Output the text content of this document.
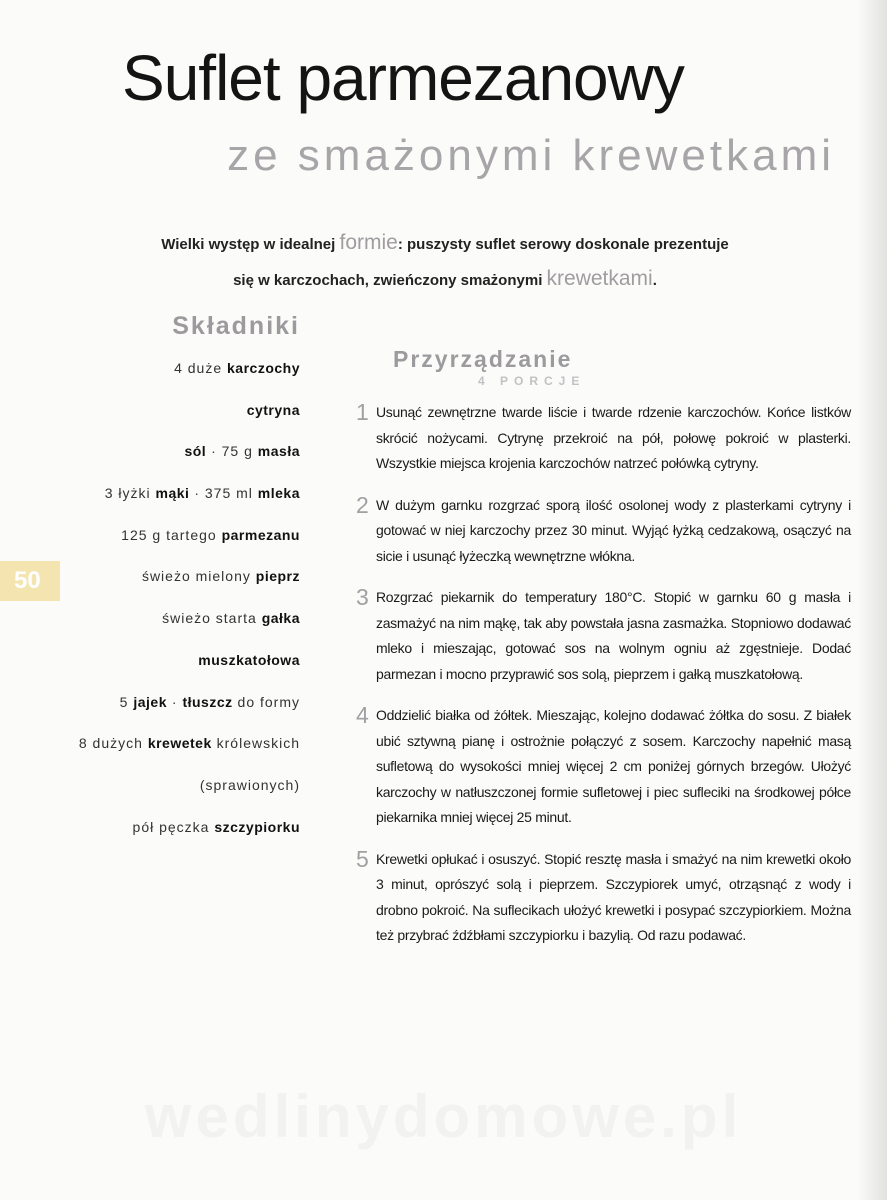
Suflet parmezanowy
ze smażonymi krewetkami
Wielki występ w idealnej formie: puszysty suflet serowy doskonale prezentuje
się w karczochach, zwieńczony smażonymi krewetkami.
Składniki
4 duże karczochy
cytryna
sól · 75 g masła
3 łyżki mąki · 375 ml mleka
125 g tartego parmezanu
świeżo mielony pieprz
świeżo starta gałka
muszkatołowa
5 jajek · tłuszcz do formy
8 dużych krewetek królewskich
(sprawionych)
pół pęczka szczypiorku
50
Przyrządzanie
4 PORCJE
1 Usunąć zewnętrzne twarde liście i twarde rdzenie karczochów. Końce listków skrócić nożycami. Cytrynę przekroić na pół, połowę pokroić w plasterki. Wszystkie miejsca krojenia karczochów natrzeć połówką cytryny.
2 W dużym garnku rozgrzać sporą ilość osolonej wody z plasterkami cytryny i gotować w niej karczochy przez 30 minut. Wyjąć łyżką cedzakową, osączyć na sicie i usunąć łyżeczką wewnętrzne włókna.
3 Rozgrzać piekarnik do temperatury 180°C. Stopić w garnku 60 g masła i zasmażyć na nim mąkę, tak aby powstała jasna zasmażka. Stopniowo dodawać mleko i mieszając, gotować sos na wolnym ogniu aż zgęstnieje. Dodać parmezan i mocno przyprawić sos solą, pieprzem i gałką muszkatołową.
4 Oddzielić białka od żółtek. Mieszając, kolejno dodawać żółtka do sosu. Z białek ubić sztywną pianę i ostrożnie połączyć z sosem. Karczochy napełnić masą sufletową do wysokości mniej więcej 2 cm poniżej górnych brzegów. Ułożyć karczochy w natłuszczonej formie sufletowej i piec sufleciki na środkowej półce piekarnika mniej więcej 25 minut.
5 Krewetki opłukać i osuszyć. Stopić resztę masła i smażyć na nim krewetki około 3 minut, oprószyć solą i pieprzem. Szczypiorek umyć, otrząsnąć z wody i drobno pokroić. Na suflecikach ułożyć krewetki i posypać szczypiorkiem. Można też przybrać źdźbłami szczypiorku i bazylią. Od razu podawać.
wedlinydomowe.pl
